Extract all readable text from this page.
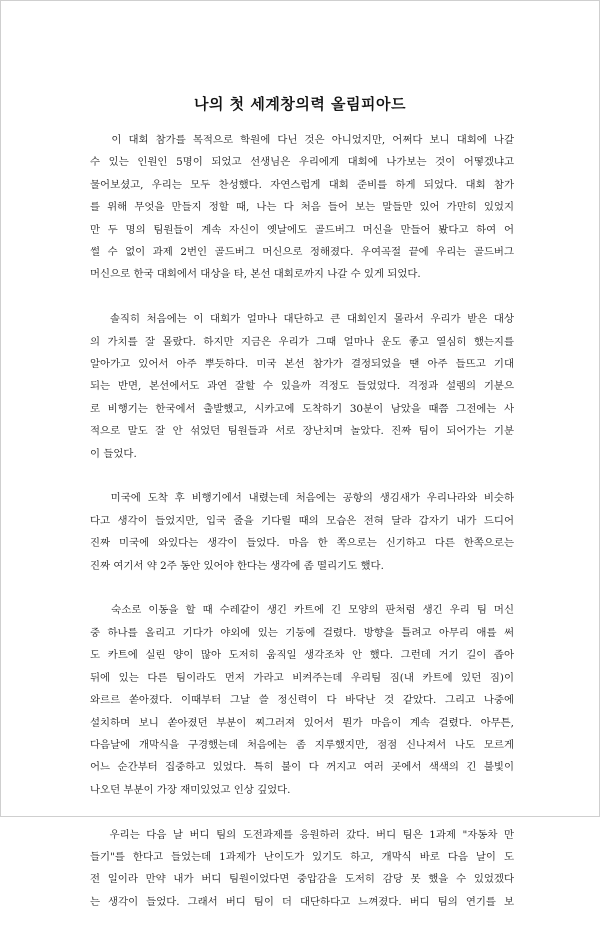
나의 첫 세계창의력 올림피아드
이 대회 참가를 목적으로 학원에 다닌 것은 아니었지만, 어쩌다 보니 대회에 나갈
수 있는 인원인 5명이 되었고 선생님은 우리에게 대회에 나가보는 것이 어떻겠냐고
물어보셨고, 우리는 모두 찬성했다. 자연스럽게 대회 준비를 하게 되었다. 대회 참가
를 위해 무엇을 만들지 정할 때, 나는 다 처음 들어 보는 말들만 있어 가만히 있었지
만 두 명의 팀원들이 계속 자신이 옛날에도 골드버그 머신을 만들어 봤다고 하여 어
썰 수 없이 과제 2번인 골드버그 머신으로 정해졌다. 우여곡절 끝에 우리는 골드버그
머신으로 한국 대회에서 대상을 타, 본선 대회로까지 나갈 수 있게 되었다.
솔직히 처음에는 이 대회가 얼마나 대단하고 큰 대회인지 몰라서 우리가 받은 대상
의 가치를 잘 몰랐다. 하지만 지금은 우리가 그때 얼마나 운도 좋고 열심히 했는지를
알아가고 있어서 아주 뿌듯하다. 미국 본선 참가가 결정되었을 땐 아주 들뜨고 기대
되는 반면, 본선에서도 과연 잘할 수 있을까 걱정도 들었었다. 걱정과 설렘의 기분으
로 비행기는 한국에서 출발했고, 시카고에 도착하기 30분이 남았을 때쯤 그전에는 사
적으로 말도 잘 안 섞었던 팀원들과 서로 장난치며 놀았다. 진짜 팀이 되어가는 기분
이 들었다.
미국에 도착 후 비행기에서 내렸는데 처음에는 공항의 생김새가 우리나라와 비슷하
다고 생각이 들었지만, 입국 줄을 기다릴 때의 모습은 전혀 달라 갑자기 내가 드디어
진짜 미국에 와있다는 생각이 들었다. 마음 한 쪽으로는 신기하고 다른 한쪽으로는
진짜 여기서 약 2주 동안 있어야 한다는 생각에 좀 떨리기도 했다.
숙소로 이동을 할 때 수레같이 생긴 카트에 긴 모양의 판처럼 생긴 우리 팀 머신
중 하나를 올리고 기다가 야외에 있는 기둥에 걸렸다. 방향을 틀려고 아무리 애를 써
도 카트에 실린 양이 많아 도저히 움직일 생각조차 안 했다. 그런데 거기 길이 좁아
뒤에 있는 다른 팀이라도 먼저 가라고 비켜주는데 우리팀 짐(내 카트에 있던 짐)이
와르르 쏟아졌다. 이때부터 그날 쓸 정신력이 다 바닥난 것 같았다. 그리고 나중에
설치하며 보니 쏟아졌던 부분이 찌그러져 있어서 뭔가 마음이 계속 걸렸다. 아무튼,
다음날에 개막식을 구경했는데 처음에는 좀 지루했지만, 점점 신나져서 나도 모르게
어느 순간부터 집중하고 있었다. 특히 불이 다 꺼지고 여러 곳에서 색색의 긴 불빛이
나오던 부분이 가장 재미있었고 인상 깊었다.
우리는 다음 날 버디 팀의 도전과제를 응원하러 갔다. 버디 팀은 1과제 "자동차 만
들기"를 한다고 들었는데 1과제가 난이도가 있기도 하고, 개막식 바로 다음 날이 도
전 일이라 만약 내가 버디 팀원이었다면 중압감을 도저히 감당 못 했을 수 있었겠다
는 생각이 들었다. 그래서 버디 팀이 더 대단하다고 느껴졌다. 버디 팀의 연기를 보
